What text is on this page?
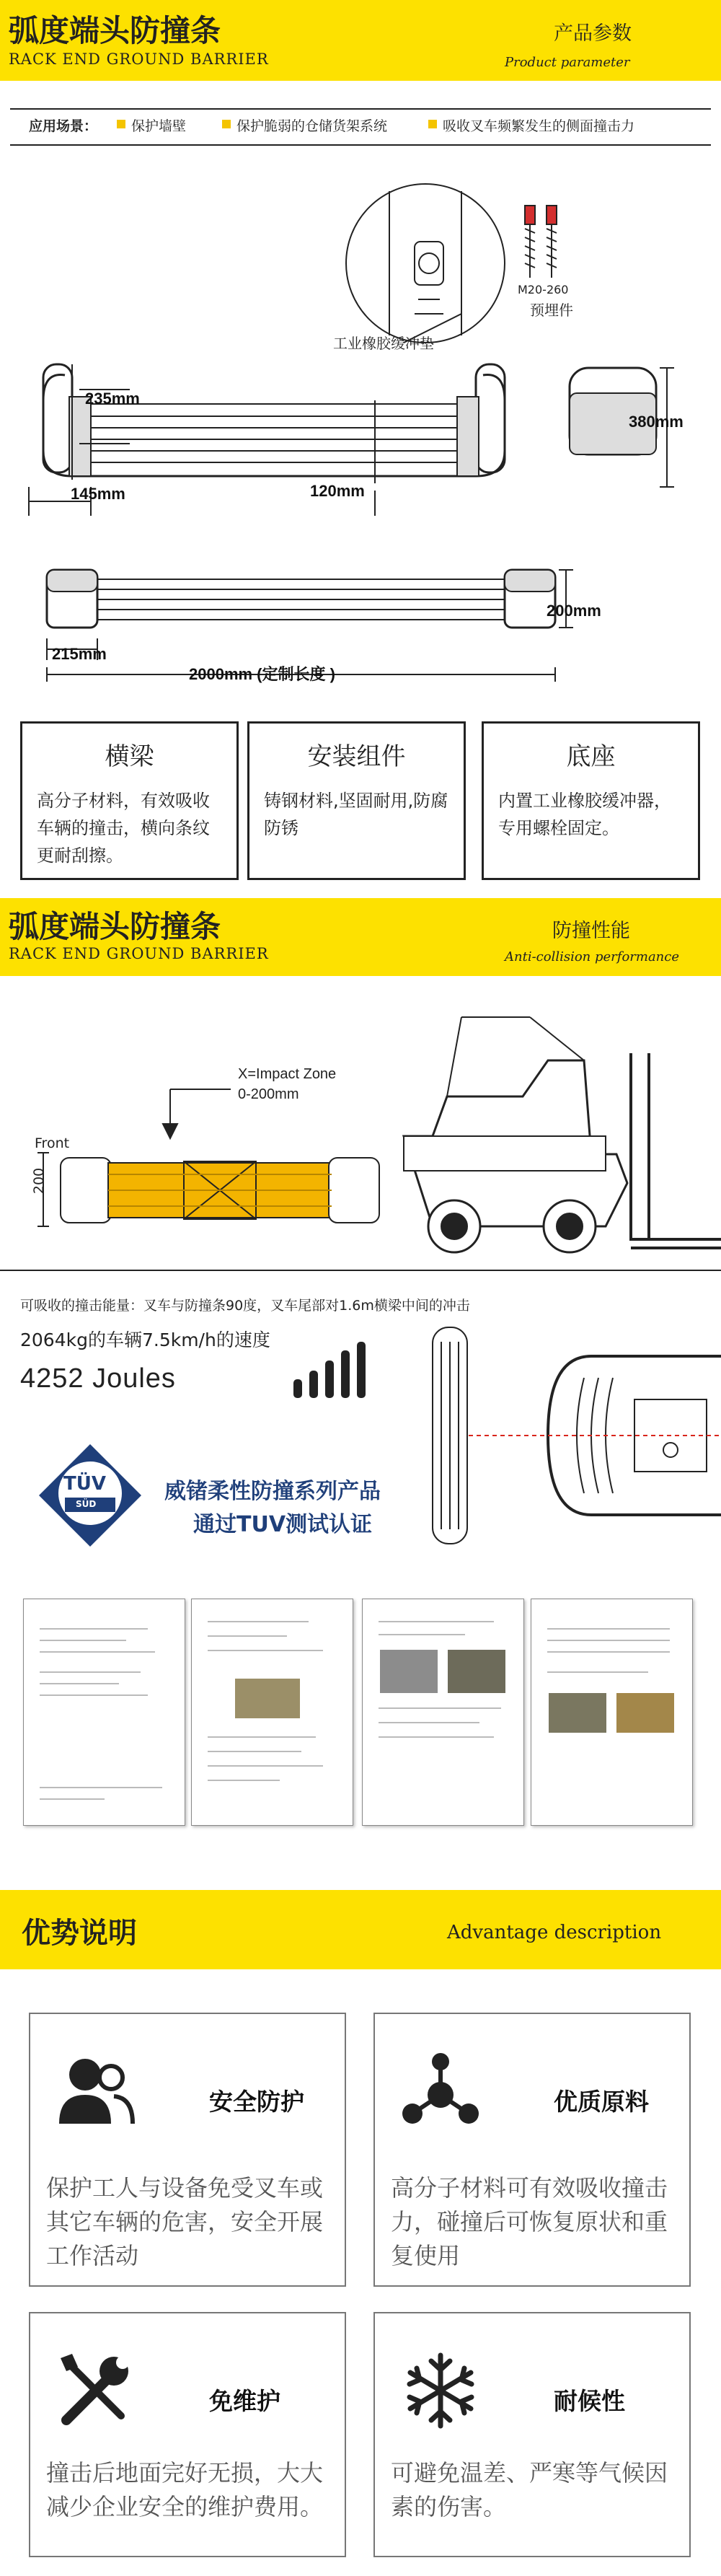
弧度端头防撞条
RACK END GROUND BARRIER
产品参数
Product parameter
应用场景： 保护墙壁	保护脆弱的仓储货架系统	吸收叉车频繁发生的侧面撞击力
M20-260
预埋件
工业橡胶缓冲垫
235mm
380mm
145mm	120mm
200mm
215mm
2000mm (定制长度 )
横梁
高分子材料，有效吸收车辆的撞击，横向条纹更耐刮擦。
安装组件
铸钢材料,坚固耐用,防腐防锈
底座
内置工业橡胶缓冲器，专用螺栓固定。
弧度端头防撞条
RACK END GROUND BARRIER
防撞性能
Anti-collision performance
X=Impact Zone
0-200mm
Front
200
可吸收的撞击能量：叉车与防撞条90度，叉车尾部对1.6m横梁中间的冲击
2064kg的车辆7.5km/h的速度
4252 Joules
TÜV
SÜD	威锗柔性防撞系列产品
通过TUV测试认证
优势说明	Advantage description
安全防护
保护工人与设备免受叉车或其它车辆的危害，安全开展工作活动
优质原料
高分子材料可有效吸收撞击力，碰撞后可恢复原状和重复使用
免维护
撞击后地面完好无损，大大减少企业安全的维护费用。
耐候性
可避免温差、严寒等气候因素的伤害。
